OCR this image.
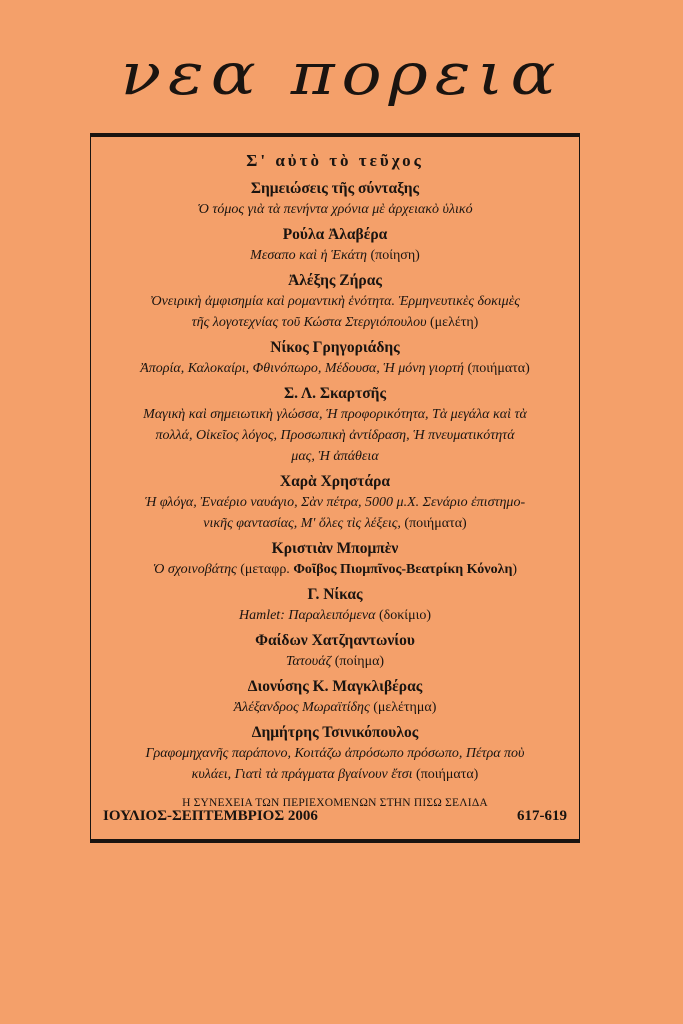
νεα πορεια
Σ' αὐτὸ τὸ τεῦχος
Σημειώσεις τῆς σύνταξης
Ὁ τόμος γιὰ τὰ πενήντα χρόνια μὲ ἀρχειακὸ ὑλικό
Ρούλα Ἀλαβέρα
Μεσαπο καὶ ἡ Ἑκάτη (ποίηση)
Ἀλέξης Ζήρας
Ὀνειρικὴ ἀμφισημία καὶ ρομαντικὴ ἑνότητα. Ἑρμηνευτικὲς δοκιμὲς
τῆς λογοτεχνίας τοῦ Κώστα Στεργιόπουλου (μελέτη)
Νίκος Γρηγοριάδης
Ἀπορία, Καλοκαίρι, Φθινόπωρο, Μέδουσα, Ἡ μόνη γιορτή (ποιήματα)
Σ. Λ. Σκαρτσῆς
Μαγικὴ καὶ σημειωτικὴ γλώσσα, Ἡ προφορικότητα, Τὰ μεγάλα καὶ τὰ
πολλά, Οἰκεῖος λόγος, Προσωπικὴ ἀντίδραση, Ἡ πνευματικότητά
μας, Ἡ ἀπάθεια
Χαρὰ Χρηστάρα
Ἡ φλόγα, Ἐναέριο ναυάγιο, Σὰν πέτρα, 5000 μ.Χ. Σενάριο ἐπιστημο-
νικῆς φαντασίας, Μ' ὅλες τὶς λέξεις, (ποιήματα)
Κριστιὰν Μπομπὲν
Ὁ σχοινοβάτης (μεταφρ. Φοῖβος Πιομπῖνος-Βεατρίκη Κόνολη)
Γ. Νίκας
Hamlet: Παραλειπόμενα (δοκίμιο)
Φαίδων Χατζηαντωνίου
Τατουάζ (ποίημα)
Διονύσης Κ. Μαγκλιβέρας
Ἀλέξανδρος Μωραϊτίδης (μελέτημα)
Δημήτρης Τσινικόπουλος
Γραφομηχανῆς παράπονο, Κοιτάζω ἀπρόσωπο πρόσωπο, Πέτρα ποὺ
κυλάει, Γιατὶ τὰ πράγματα βγαίνουν ἔτσι (ποιήματα)
Η ΣΥΝΕΧΕΙΑ ΤΩΝ ΠΕΡΙΕΧΟΜΕΝΩΝ ΣΤΗΝ ΠΙΣΩ ΣΕΛΙΔΑ
ΙΟΥΛΙΟΣ-ΣΕΠΤΕΜΒΡΙΟΣ 2006	617-619
